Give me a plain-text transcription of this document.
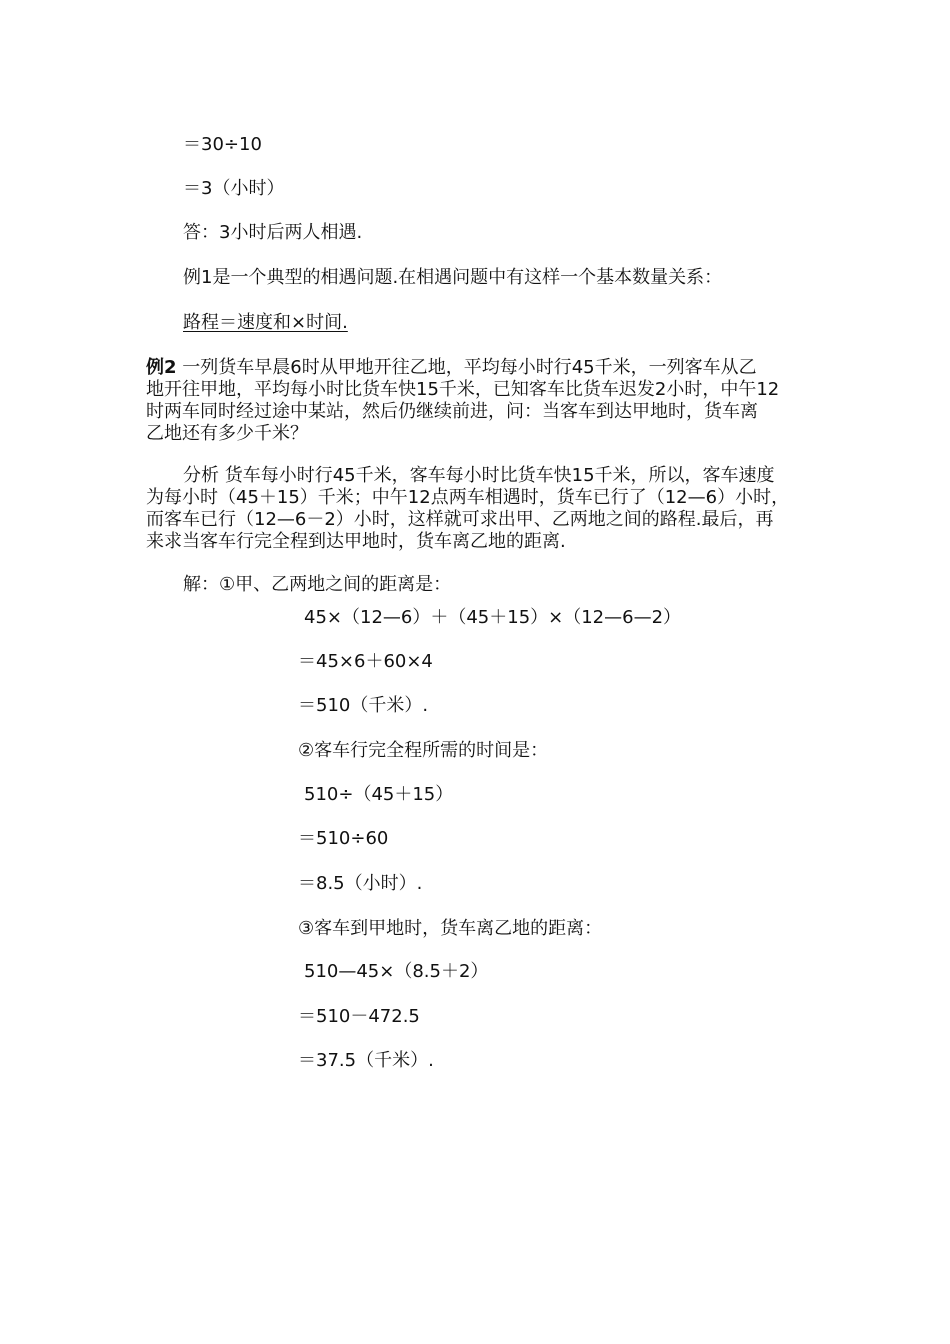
＝30÷10
＝3（小时）
答：3小时后两人相遇.
例1是一个典型的相遇问题.在相遇问题中有这样一个基本数量关系：
路程＝速度和×时间.
例2 一列货车早晨6时从甲地开往乙地，平均每小时行45千米，一列客车从乙
地开往甲地，平均每小时比货车快15千米，已知客车比货车迟发2小时，中午12
时两车同时经过途中某站，然后仍继续前进，问：当客车到达甲地时，货车离
乙地还有多少千米？
分析 货车每小时行45千米，客车每小时比货车快15千米，所以，客车速度
为每小时（45＋15）千米；中午12点两车相遇时，货车已行了（12—6）小时，
而客车已行（12—6－2）小时，这样就可求出甲、乙两地之间的路程.最后，再
来求当客车行完全程到达甲地时，货车离乙地的距离.
解：①甲、乙两地之间的距离是：
45×（12—6）＋（45＋15）×（12—6—2）
＝45×6＋60×4
＝510（千米）.
②客车行完全程所需的时间是：
510÷（45＋15）
＝510÷60
＝8.5（小时）.
③客车到甲地时，货车离乙地的距离：
510—45×（8.5＋2）
＝510－472.5
＝37.5（千米）.
